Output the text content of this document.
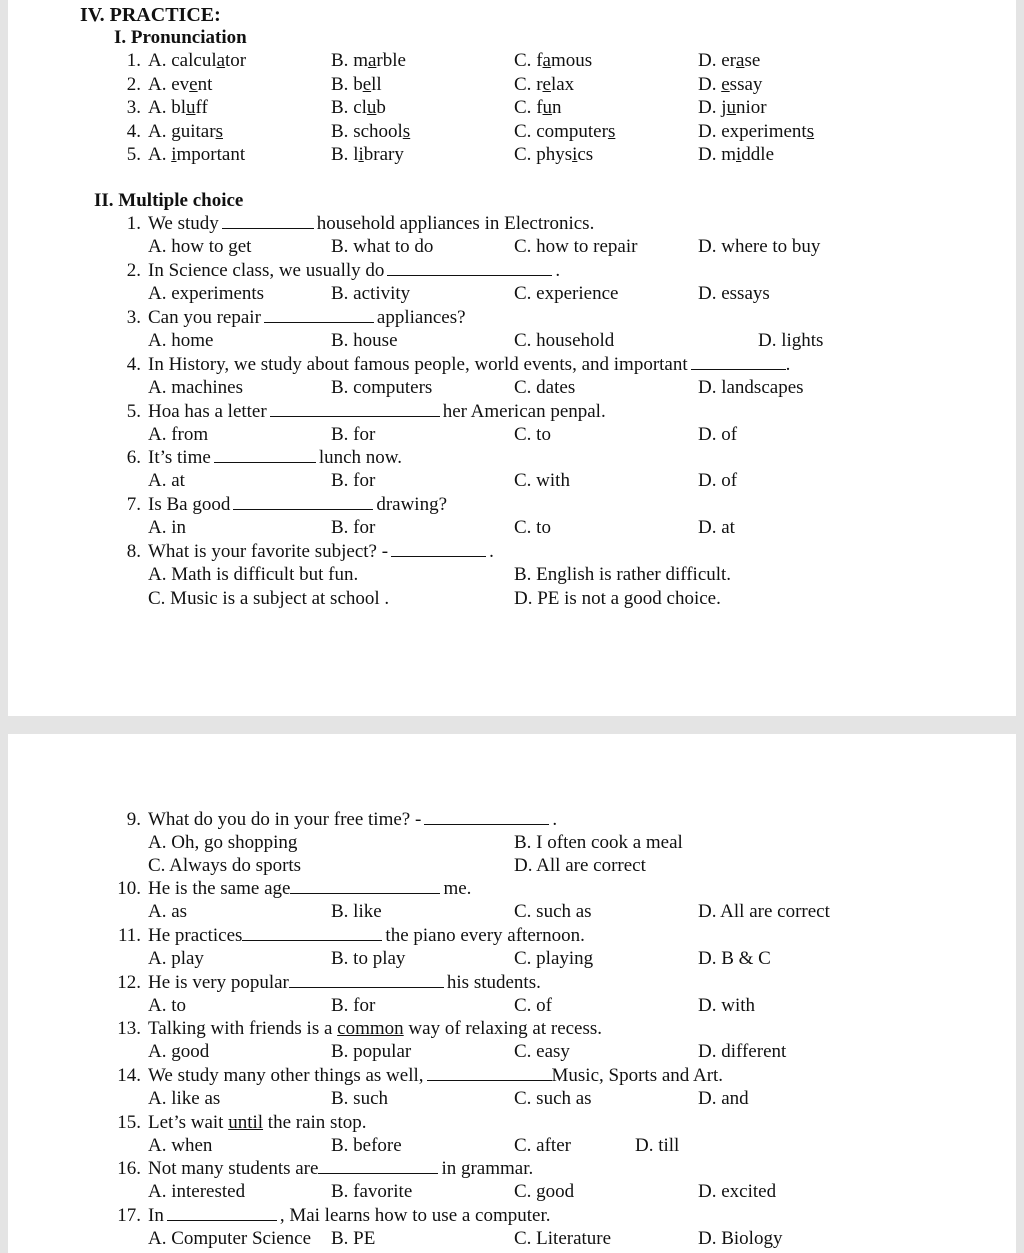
IV. PRACTICE:
I. Pronunciation
1. A. calculator	B. marble	C. famous	D. erase
2. A. event	B. bell	C. relax	D. essay
3. A. bluff	B. club	C. fun	D. junior
4. A. guitars	B. schools	C. computers	D. experiments
5. A. important	B. library	C. physics	D. middle
II. Multiple choice
1. We study	household appliances in Electronics.
A. how to get	B. what to do	C. how to repair	D. where to buy
2. In Science class, we usually do	.
A. experiments	B. activity	C. experience	D. essays
3. Can you repair	appliances?
A. home	B. house	C. household	D. lights
4. In History, we study about famous people, world events, and important	.
A. machines	B. computers	C. dates	D. landscapes
5. Hoa has a letter	her American penpal.
A. from	B. for	C. to	D. of
6. It’s time	lunch now.
A. at	B. for	C. with	D. of
7. Is Ba good	drawing?
A. in	B. for	C. to	D. at
8. What is your favorite subject? -	.
A. Math is difficult but fun.	B. English is rather difficult.
C. Music is a subject at school .	D. PE is not a good choice.
9. What do you do in your free time? -	.
A. Oh, go shopping	B. I often cook a meal
C. Always do sports	D. All are correct
10. He is the same age	me.
A. as	B. like	C. such as	D. All are correct
11. He practices	the piano every afternoon.
A. play	B. to play	C. playing	D. B & C
12. He is very popular	his students.
A. to	B. for	C. of	D. with
13. Talking with friends is a common way of relaxing at recess.
A. good	B. popular	C. easy	D. different
14. We study many other things as well,	Music, Sports and Art.
A. like as	B. such	C. such as	D. and
15. Let’s wait until the rain stop.
A. when	B. before	C. after	D. till
16. Not many students are	in grammar.
A. interested	B. favorite	C. good	D. excited
17. In	, Mai learns how to use a computer.
A. Computer Science B. PE	C. Literature	D. Biology
